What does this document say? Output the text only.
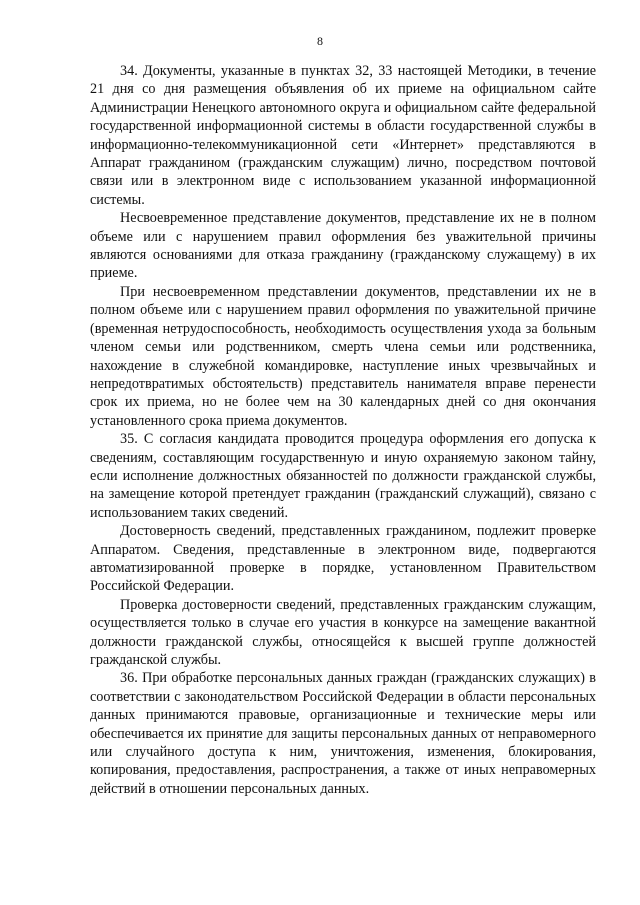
8

34. Документы, указанные в пунктах 32, 33 настоящей Методики, в течение 21 дня со дня размещения объявления об их приеме на официальном сайте Администрации Ненецкого автономного округа и официальном сайте федеральной государственной информационной системы в области государственной службы в информационно-телекоммуникационной сети «Интернет» представляются в Аппарат гражданином (гражданским служащим) лично, посредством почтовой связи или в электронном виде с использованием указанной информационной системы.

Несвоевременное представление документов, представление их не в полном объеме или с нарушением правил оформления без уважительной причины являются основаниями для отказа гражданину (гражданскому служащему) в их приеме.

При несвоевременном представлении документов, представлении их не в полном объеме или с нарушением правил оформления по уважительной причине (временная нетрудоспособность, необходимость осуществления ухода за больным членом семьи или родственником, смерть члена семьи или родственника, нахождение в служебной командировке, наступление иных чрезвычайных и непредотвратимых обстоятельств) представитель нанимателя вправе перенести срок их приема, но не более чем на 30 календарных дней со дня окончания установленного срока приема документов.

35. С согласия кандидата проводится процедура оформления его допуска к сведениям, составляющим государственную и иную охраняемую законом тайну, если исполнение должностных обязанностей по должности гражданской службы, на замещение которой претендует гражданин (гражданский служащий), связано с использованием таких сведений.

Достоверность сведений, представленных гражданином, подлежит проверке Аппаратом. Сведения, представленные в электронном виде, подвергаются автоматизированной проверке в порядке, установленном Правительством Российской Федерации.

Проверка достоверности сведений, представленных гражданским служащим, осуществляется только в случае его участия в конкурсе на замещение вакантной должности гражданской службы, относящейся к высшей группе должностей гражданской службы.

36. При обработке персональных данных граждан (гражданских служащих) в соответствии с законодательством Российской Федерации в области персональных данных принимаются правовые, организационные и технические меры или обеспечивается их принятие для защиты персональных данных от неправомерного или случайного доступа к ним, уничтожения, изменения, блокирования, копирования, предоставления, распространения, а также от иных неправомерных действий в отношении персональных данных.
